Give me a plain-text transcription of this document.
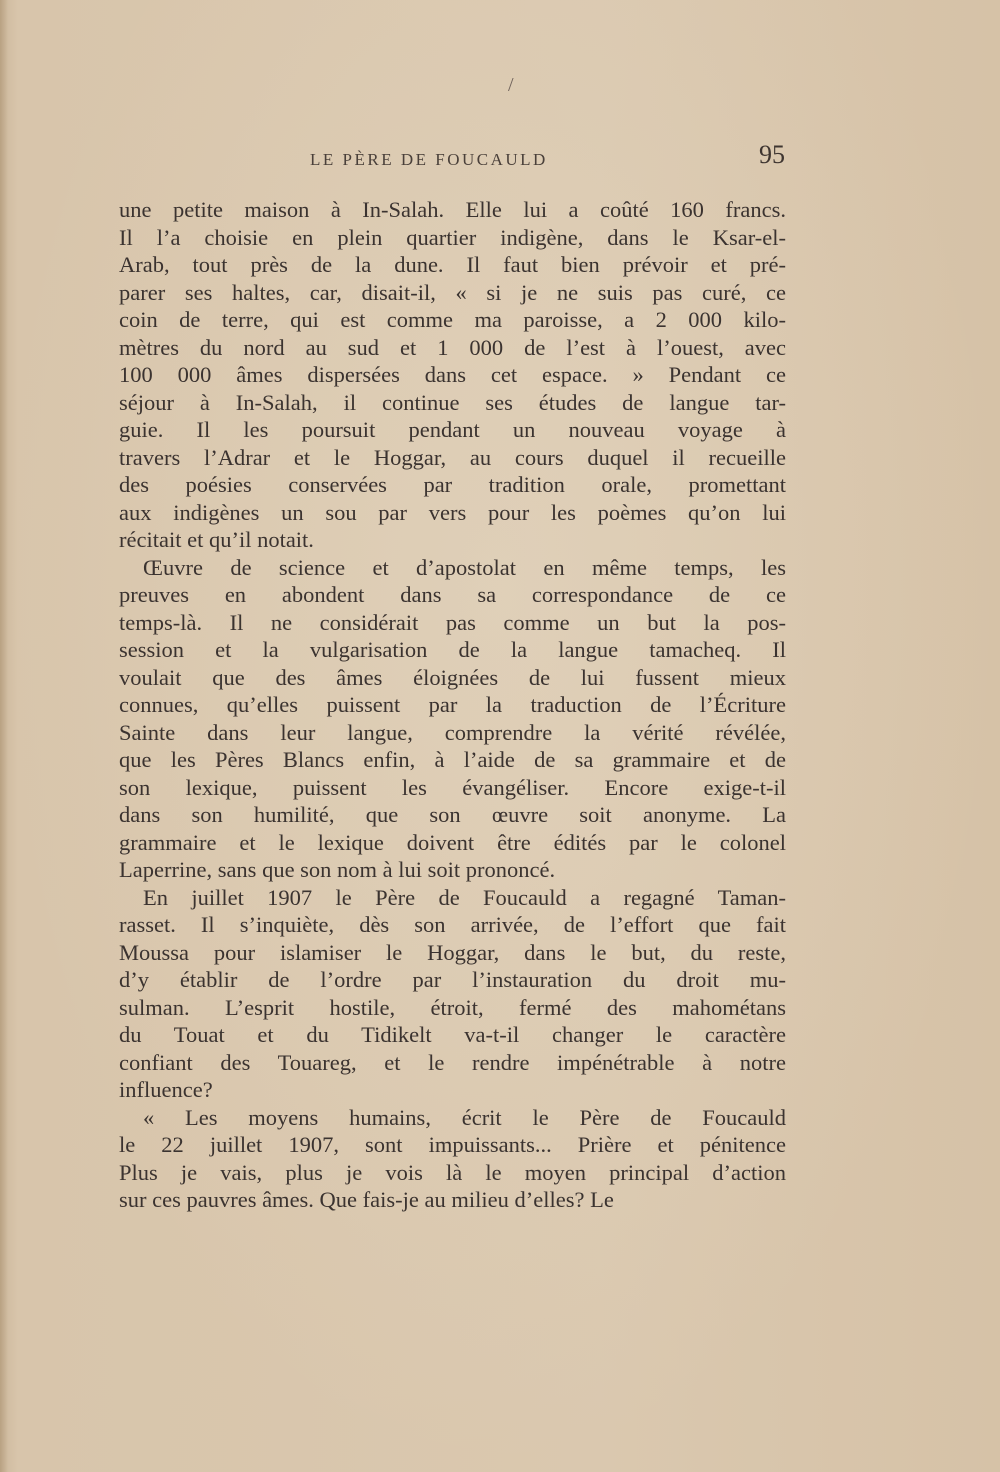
/
LE PÈRE DE FOUCAULD	95
une petite maison à In-Salah. Elle lui a coûté 160 francs.
Il l’a choisie en plein quartier indigène, dans le Ksar-el-
Arab, tout près de la dune. Il faut bien prévoir et pré-
parer ses haltes, car, disait-il, « si je ne suis pas curé, ce
coin de terre, qui est comme ma paroisse, a 2 000 kilo-
mètres du nord au sud et 1 000 de l’est à l’ouest, avec
100 000 âmes dispersées dans cet espace. » Pendant ce
séjour à In-Salah, il continue ses études de langue tar-
guie. Il les poursuit pendant un nouveau voyage à
travers l’Adrar et le Hoggar, au cours duquel il recueille
des poésies conservées par tradition orale, promettant
aux indigènes un sou par vers pour les poèmes qu’on lui
récitait et qu’il notait.
Œuvre de science et d’apostolat en même temps, les
preuves en abondent dans sa correspondance de ce
temps-là. Il ne considérait pas comme un but la pos-
session et la vulgarisation de la langue tamacheq. Il
voulait que des âmes éloignées de lui fussent mieux
connues, qu’elles puissent par la traduction de l’Écriture
Sainte dans leur langue, comprendre la vérité révélée,
que les Pères Blancs enfin, à l’aide de sa grammaire et de
son lexique, puissent les évangéliser. Encore exige-t-il
dans son humilité, que son œuvre soit anonyme. La
grammaire et le lexique doivent être édités par le colonel
Laperrine, sans que son nom à lui soit prononcé.
En juillet 1907 le Père de Foucauld a regagné Taman-
rasset. Il s’inquiète, dès son arrivée, de l’effort que fait
Moussa pour islamiser le Hoggar, dans le but, du reste,
d’y établir de l’ordre par l’instauration du droit mu-
sulman. L’esprit hostile, étroit, fermé des mahométans
du Touat et du Tidikelt va-t-il changer le caractère
confiant des Touareg, et le rendre impénétrable à notre
influence?
« Les moyens humains, écrit le Père de Foucauld
le 22 juillet 1907, sont impuissants... Prière et pénitence
Plus je vais, plus je vois là le moyen principal d’action
sur ces pauvres âmes. Que fais-je au milieu d’elles? Le
